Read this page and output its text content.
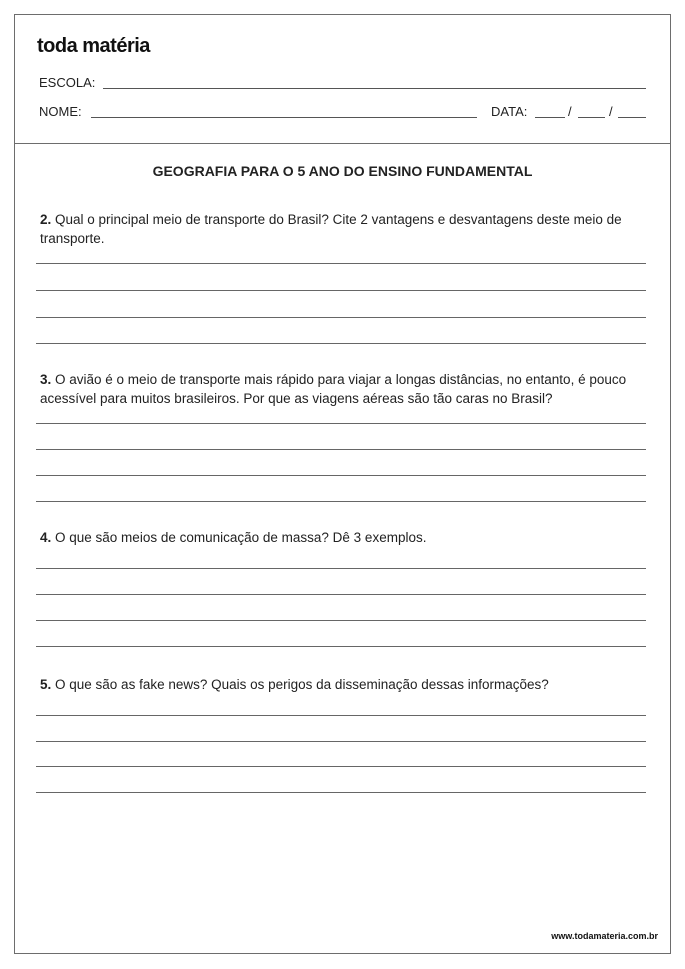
toda matéria
ESCOLA:
NOME:	DATA:	/	/
GEOGRAFIA PARA O 5 ANO DO ENSINO FUNDAMENTAL
2. Qual o principal meio de transporte do Brasil? Cite 2 vantagens e desvantagens deste meio de transporte.
3. O avião é o meio de transporte mais rápido para viajar a longas distâncias, no entanto, é pouco acessível para muitos brasileiros. Por que as viagens aéreas são tão caras no Brasil?
4. O que são meios de comunicação de massa? Dê 3 exemplos.
5. O que são as fake news? Quais os perigos da disseminação dessas informações?
www.todamateria.com.br
